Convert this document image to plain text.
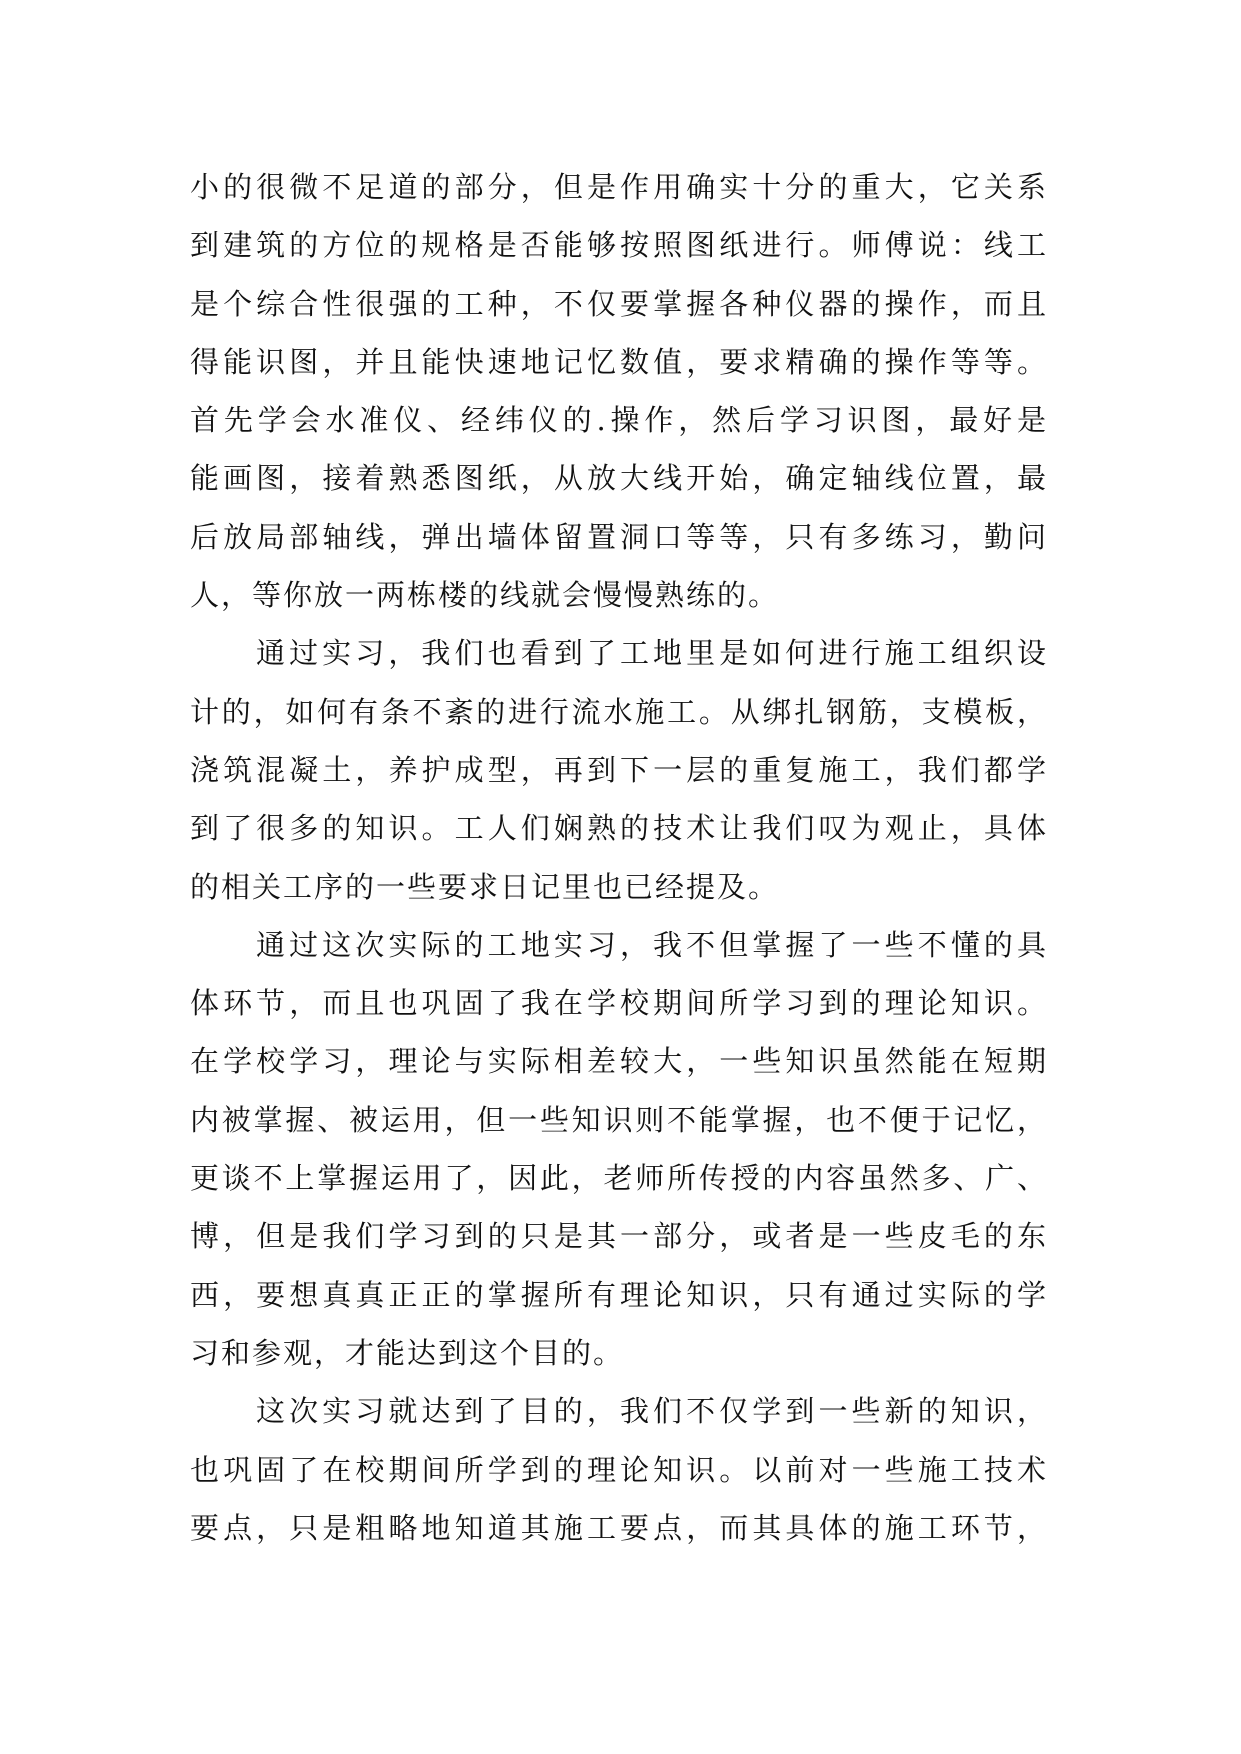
小的很微不足道的部分，但是作用确实十分的重大，它关系
到建筑的方位的规格是否能够按照图纸进行。师傅说：线工
是个综合性很强的工种，不仅要掌握各种仪器的操作，而且
得能识图，并且能快速地记忆数值，要求精确的操作等等。
首先学会水准仪、经纬仪的.操作，然后学习识图，最好是
能画图，接着熟悉图纸，从放大线开始，确定轴线位置，最
后放局部轴线，弹出墙体留置洞口等等，只有多练习，勤问
人，等你放一两栋楼的线就会慢慢熟练的。
通过实习，我们也看到了工地里是如何进行施工组织设
计的，如何有条不紊的进行流水施工。从绑扎钢筋，支模板，
浇筑混凝土，养护成型，再到下一层的重复施工，我们都学
到了很多的知识。工人们娴熟的技术让我们叹为观止，具体
的相关工序的一些要求日记里也已经提及。
通过这次实际的工地实习，我不但掌握了一些不懂的具
体环节，而且也巩固了我在学校期间所学习到的理论知识。
在学校学习，理论与实际相差较大，一些知识虽然能在短期
内被掌握、被运用，但一些知识则不能掌握，也不便于记忆，
更谈不上掌握运用了，因此，老师所传授的内容虽然多、广、
博，但是我们学习到的只是其一部分，或者是一些皮毛的东
西，要想真真正正的掌握所有理论知识，只有通过实际的学
习和参观，才能达到这个目的。
这次实习就达到了目的，我们不仅学到一些新的知识，
也巩固了在校期间所学到的理论知识。以前对一些施工技术
要点，只是粗略地知道其施工要点，而其具体的施工环节，
